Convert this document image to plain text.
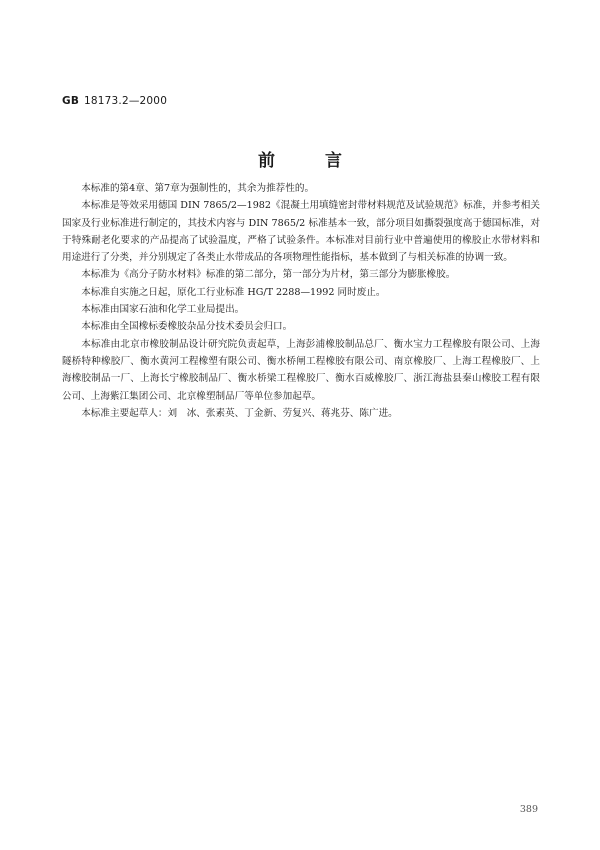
GB 18173.2—2000
前 言

本标准的第4章、第7章为强制性的，其余为推荐性的。

本标准是等效采用德国 DIN 7865/2—1982《混凝土用填缝密封带材料规范及试验规范》标准，并参考相关国家及行业标准进行制定的，其技术内容与 DIN 7865/2 标准基本一致，部分项目如撕裂强度高于德国标准，对于特殊耐老化要求的产品提高了试验温度，严格了试验条件。本标准对目前行业中普遍使用的橡胶止水带材料和用途进行了分类，并分别规定了各类止水带成品的各项物理性能指标，基本做到了与相关标准的协调一致。

本标准为《高分子防水材料》标准的第二部分，第一部分为片材，第三部分为膨胀橡胶。

本标准自实施之日起，原化工行业标准 HG/T 2288—1992 同时废止。

本标准由国家石油和化学工业局提出。

本标准由全国橡标委橡胶杂品分技术委员会归口。

本标准由北京市橡胶制品设计研究院负责起草，上海彭浦橡胶制品总厂、衡水宝力工程橡胶有限公司、上海隧桥特种橡胶厂、衡水黄河工程橡塑有限公司、衡水桥闸工程橡胶有限公司、南京橡胶厂、上海工程橡胶厂、上海橡胶制品一厂、上海长宁橡胶制品厂、衡水桥梁工程橡胶厂、衡水百威橡胶厂、浙江海盐县秦山橡胶工程有限公司、上海紫江集团公司、北京橡塑制品厂等单位参加起草。

本标准主要起草人：刘　冰、张素英、丁金新、劳复兴、蒋兆芬、陈广进。

389
